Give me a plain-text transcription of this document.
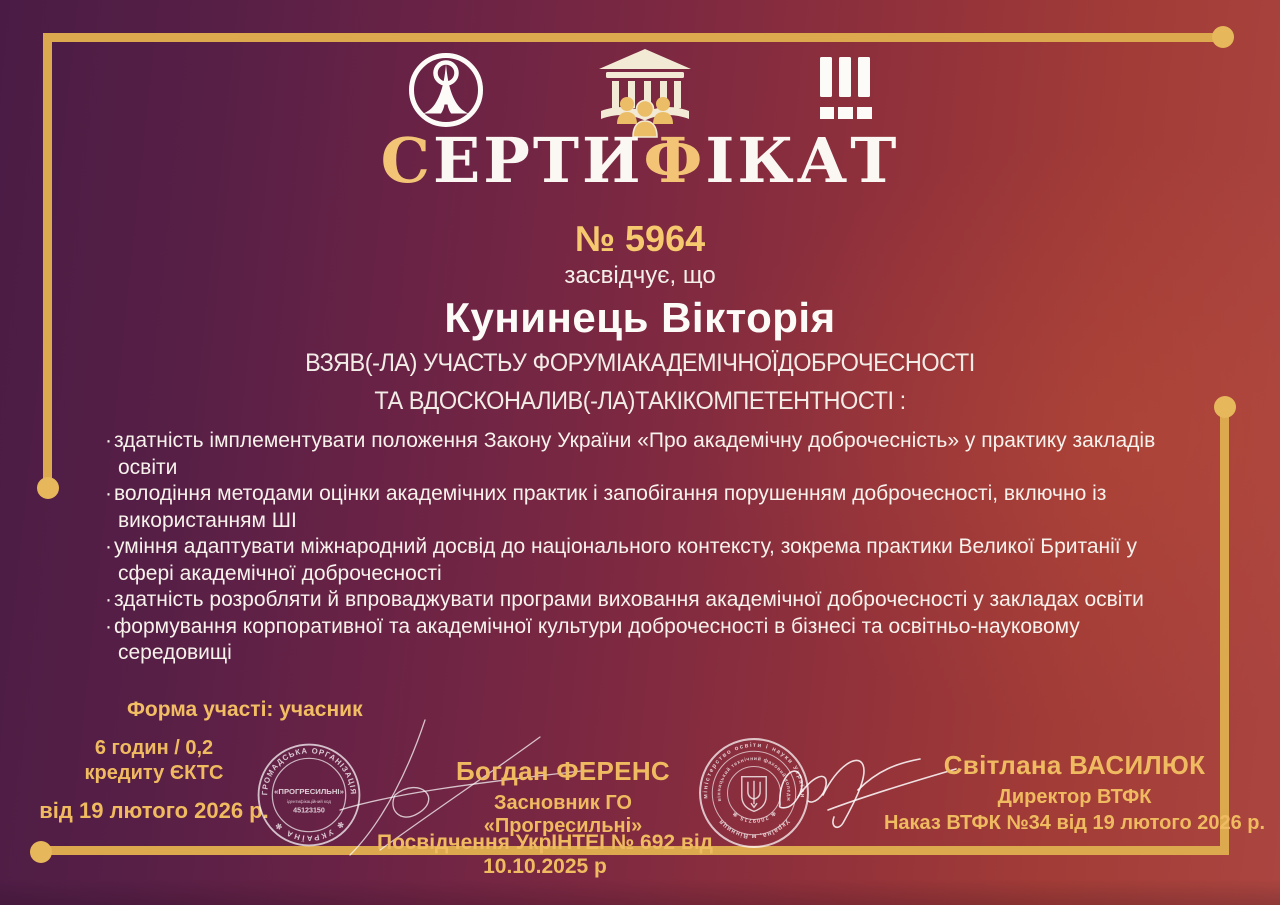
СЕРТИФІКАТ
№ 5964
засвідчує, що
Кунинець Вікторія
ВЗЯВ(-ЛА) УЧАСТЬУ ФОРУМІАКАДЕМІЧНОЇДОБРОЧЕСНОСТІ
ТА ВДОСКОНАЛИВ(-ЛА)ТАКІКОМПЕТЕНТНОСТІ :
·здатність імплементувати положення Закону України «Про академічну доброчесність» у практику закладів освіти
·володіння методами оцінки академічних практик і запобігання порушенням доброчесності, включно із використанням ШІ
·уміння адаптувати міжнародний досвід до національного контексту, зокрема практики Великої Британії у сфері академічної доброчесності
·здатність розробляти й впроваджувати програми виховання академічної доброчесності у закладах освіти
·формування корпоративної та академічної культури доброчесності в бізнесі та освітньо-науковому середовищі
Форма участі: учасник
6 годин / 0,2
кредиту ЄКТС
від 19 лютого 2026 р.
ГРОМАДСЬКА ОРГАНІЗАЦІЯ
✻ УКРАЇНА ✻
«ПРОГРЕСИЛЬНІ»
ідентифікаційний код
45123150
Богдан ФЕРЕНС
Засновник ГО «Прогресильні»
міністерство освіти і науки України
вінницький технічний фаховий коледж
Україна, м.Вінниця
✻ 2009715 ✻
Світлана ВАСИЛЮК
Директор ВТФК
Наказ ВТФК №34 від 19 лютого 2026 р.
Посвідчення УкрІНТЕІ № 692 від 10.10.2025 р
